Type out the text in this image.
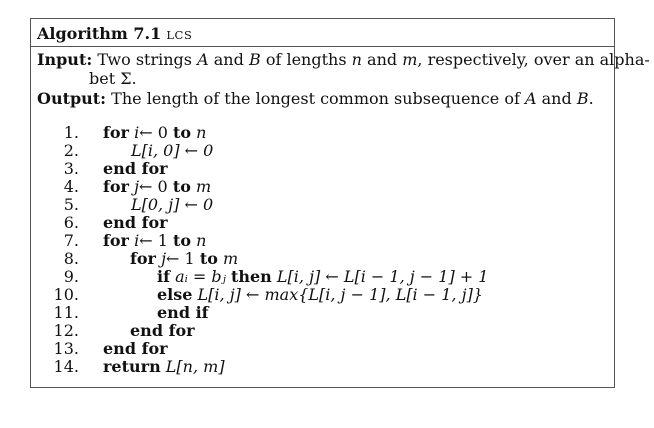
Algorithm 7.1 LCS
Input: Two strings A and B of lengths n and m, respectively, over an alpha-
bet Σ.
Output: The length of the longest common subsequence of A and B.
1. for i← 0 to n
2.	L[i, 0] ← 0
3. end for
4. for j← 0 to m
5.	L[0, j] ← 0
6. end for
7. for i← 1 to n
8.	for j← 1 to m
9.	if aᵢ = bⱼ then L[i, j] ← L[i − 1, j − 1] + 1
10.	else L[i, j] ← max{L[i, j − 1], L[i − 1, j]}
11.	end if
12.	end for
13. end for
14. return L[n, m]
